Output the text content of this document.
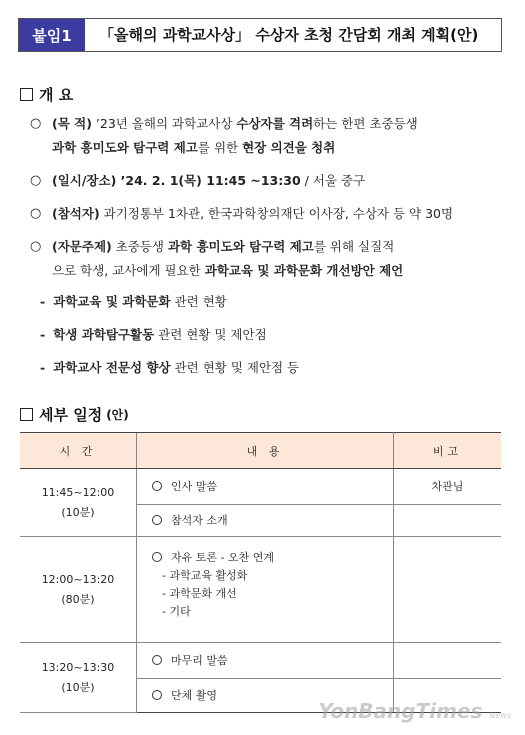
붙임1	「올해의 과학교사상」 수상자 초청 간담회 개최 계획(안)
개 요
○ (목 적) ’23년 올해의 과학교사상 수상자를 격려하는 한편 초중등생
과학 흥미도와 탐구력 제고를 위한 현장 의견을 청취
○ (일시/장소) ’24. 2. 1(목) 11:45 ~13:30 / 서울 중구
○ (참석자) 과기정통부 1차관, 한국과학창의재단 이사장, 수상자 등 약 30명
○ (자문주제) 초중등생 과학 흥미도와 탐구력 제고를 위해 실질적
으로 학생, 교사에게 필요한 과학교육 및 과학문화 개선방안 제언
- 과학교육 및 과학문화 관련 현황
- 학생 과학탐구활동 관련 현황 및 제안점
- 과학교사 전문성 향상 관련 현황 및 제안점 등
세부 일정 (안)
시 간	내 용	비고
11:45~12:00
(10분)	인사 말씀	차관님
	참석자 소개	
12:00~13:20
(80분)	자유 토론 - 오찬 연계
- 과학교육 활성화
- 과학문화 개선
- 기타	
13:20~13:30
(10분)	마무리 말씀	
	단체 촬영	
YonBangTimes News
